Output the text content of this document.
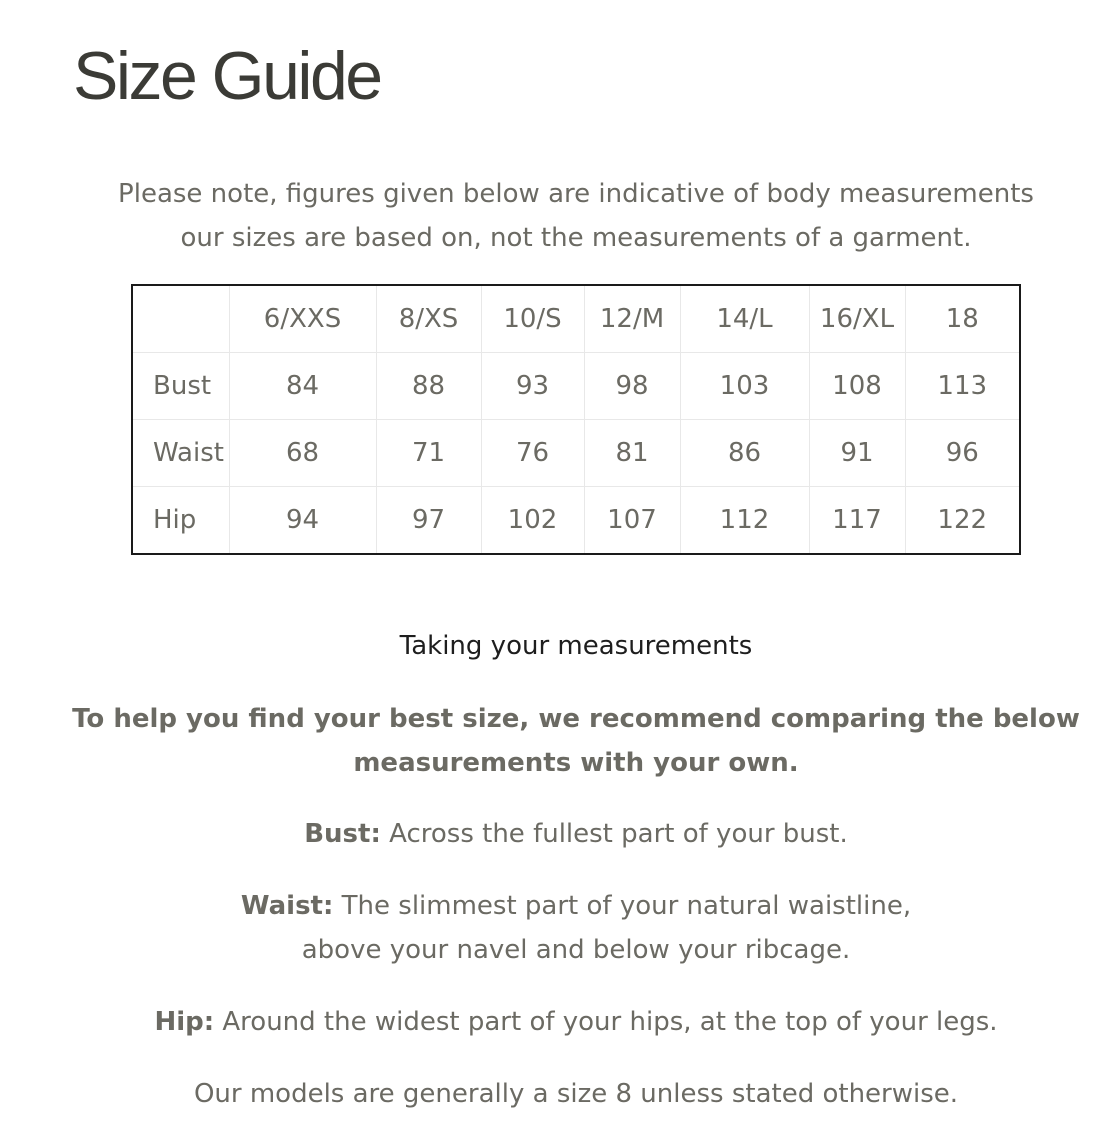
Size Guide

Please note, figures given below are indicative of body measurements
our sizes are based on, not the measurements of a garment.

	6/XXS	8/XS	10/S	12/M	14/L	16/XL	18
Bust	84	88	93	98	103	108	113
Waist	68	71	76	81	86	91	96
Hip	94	97	102	107	112	117	122
Taking your measurements

To help you find your best size, we recommend comparing the below
measurements with your own.

Bust: Across the fullest part of your bust.

Waist: The slimmest part of your natural waistline,
above your navel and below your ribcage.

Hip: Around the widest part of your hips, at the top of your legs.

Our models are generally a size 8 unless stated otherwise.
